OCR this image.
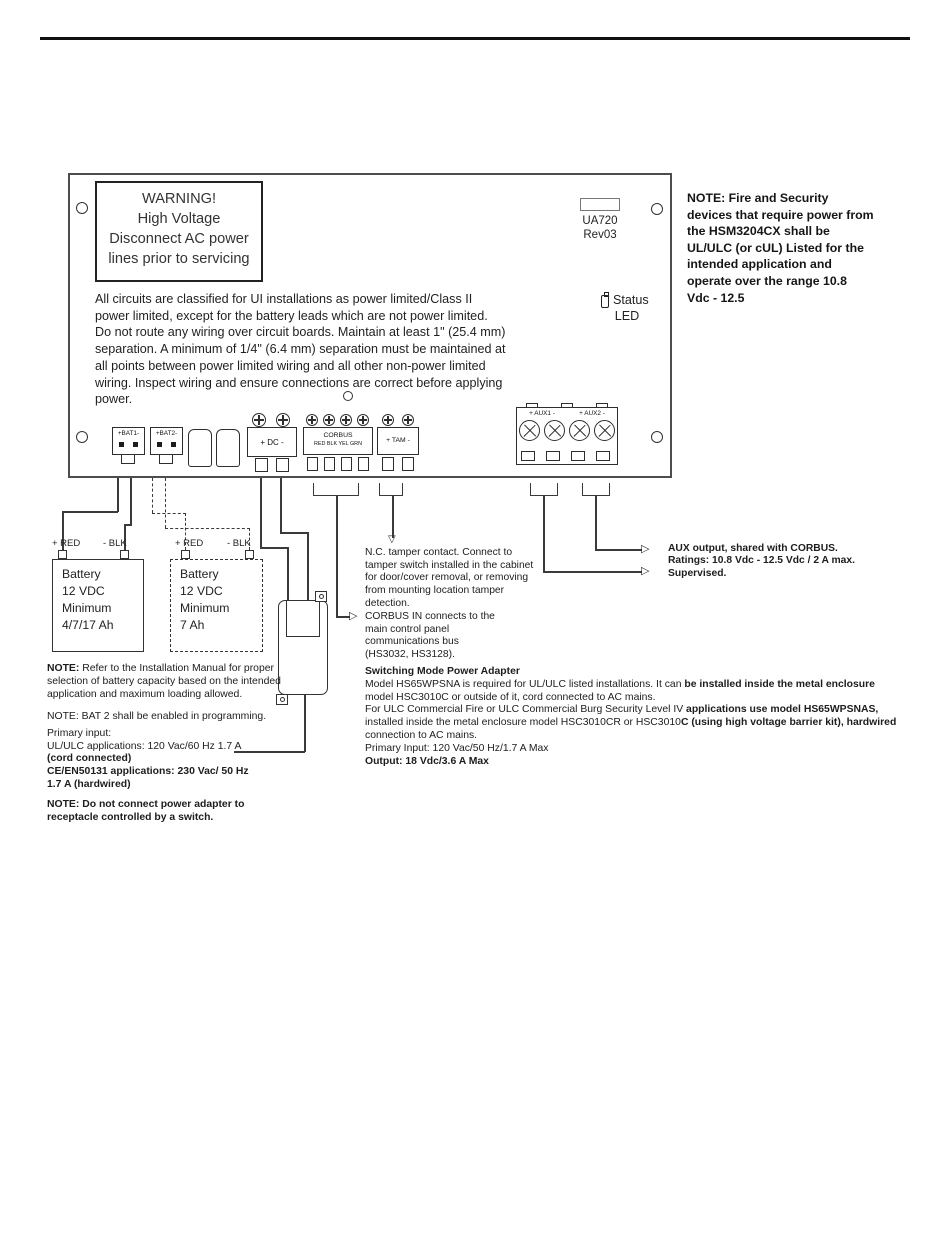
WARNING!
High Voltage
Disconnect AC power
lines prior to servicing
UA720
Rev03
Status
LED
All circuits are classified for UI installations as power limited/Class II
power limited, except for the battery leads which are not power limited.
Do not route any wiring over circuit boards. Maintain at least 1" (25.4 mm)
separation. A minimum of 1/4" (6.4 mm) separation must be maintained at
all points between power limited wiring and all other non-power limited
wiring. Inspect wiring and ensure connections are correct before applying
power.
+BAT1-	+BAT2-
+ DC -
CORBUS
RED BLK YEL GRN	+ TAM -
+ AUX1 -	+ AUX2 -
▷
▽
▷
▷
+ RED - BLK
Battery
12 VDC
Minimum
4/7/17 Ah
+ RED	- BLK
Battery
12 VDC
Minimum
7 Ah
N.C. tamper contact. Connect to
tamper switch installed in the cabinet
for door/cover removal, or removing
from mounting location tamper
detection.
CORBUS IN connects to the
main control panel
communications bus
(HS3032, HS3128).
AUX output, shared with CORBUS.
Ratings: 10.8 Vdc - 12.5 Vdc / 2 A max.
Supervised.
NOTE: Fire and Security
devices that require power from
the HSM3204CX shall be
UL/ULC (or cUL) Listed for the
intended application and
operate over the range 10.8
Vdc - 12.5
NOTE: Refer to the Installation Manual for proper
selection of battery capacity based on the intended
application and maximum loading allowed.
NOTE: BAT 2 shall be enabled in programming.
Primary input:
UL/ULC applications: 120 Vac/60 Hz 1.7 A
(cord connected)
CE/EN50131 applications: 230 Vac/ 50 Hz
1.7 A (hardwired)
NOTE: Do not connect power adapter to
receptacle controlled by a switch.
Switching Mode Power Adapter
Model HS65WPSNA is required for UL/ULC listed installations. It can be installed inside the metal enclosure
model HSC3010C or outside of it, cord connected to AC mains.
For ULC Commercial Fire or ULC Commercial Burg Security Level IV applications use model HS65WPSNAS,
installed inside the metal enclosure model HSC3010CR or HSC3010C (using high voltage barrier kit), hardwired
connection to AC mains.
Primary Input: 120 Vac/50 Hz/1.7 A Max
Output: 18 Vdc/3.6 A Max
